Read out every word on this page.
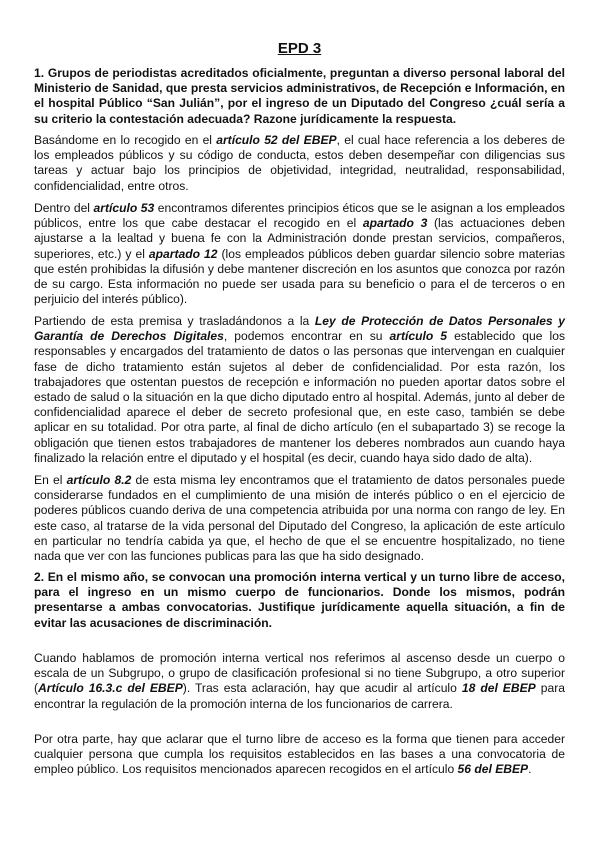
EPD 3

1. Grupos de periodistas acreditados oficialmente, preguntan a diverso personal laboral del Ministerio de Sanidad, que presta servicios administrativos, de Recepción e Información, en el hospital Público “San Julián”, por el ingreso de un Diputado del Congreso ¿cuál sería a su criterio la contestación adecuada? Razone jurídicamente la respuesta.

Basándome en lo recogido en el artículo 52 del EBEP, el cual hace referencia a los deberes de los empleados públicos y su código de conducta, estos deben desempeñar con diligencias sus tareas y actuar bajo los principios de objetividad, integridad, neutralidad, responsabilidad, confidencialidad, entre otros.

Dentro del artículo 53 encontramos diferentes principios éticos que se le asignan a los empleados públicos, entre los que cabe destacar el recogido en el apartado 3 (las actuaciones deben ajustarse a la lealtad y buena fe con la Administración donde prestan servicios, compañeros, superiores, etc.) y el apartado 12 (los empleados públicos deben guardar silencio sobre materias que estén prohibidas la difusión y debe mantener discreción en los asuntos que conozca por razón de su cargo. Esta información no puede ser usada para su beneficio o para el de terceros o en perjuicio del interés público).

Partiendo de esta premisa y trasladándonos a la Ley de Protección de Datos Personales y Garantía de Derechos Digitales, podemos encontrar en su artículo 5 establecido que los responsables y encargados del tratamiento de datos o las personas que intervengan en cualquier fase de dicho tratamiento están sujetos al deber de confidencialidad. Por esta razón, los trabajadores que ostentan puestos de recepción e información no pueden aportar datos sobre el estado de salud o la situación en la que dicho diputado entro al hospital. Además, junto al deber de confidencialidad aparece el deber de secreto profesional que, en este caso, también se debe aplicar en su totalidad. Por otra parte, al final de dicho artículo (en el subapartado 3) se recoge la obligación que tienen estos trabajadores de mantener los deberes nombrados aun cuando haya finalizado la relación entre el diputado y el hospital (es decir, cuando haya sido dado de alta).

En el artículo 8.2 de esta misma ley encontramos que el tratamiento de datos personales puede considerarse fundados en el cumplimiento de una misión de interés público o en el ejercicio de poderes públicos cuando deriva de una competencia atribuida por una norma con rango de ley. En este caso, al tratarse de la vida personal del Diputado del Congreso, la aplicación de este artículo en particular no tendría cabida ya que, el hecho de que el se encuentre hospitalizado, no tiene nada que ver con las funciones publicas para las que ha sido designado.

2. En el mismo año, se convocan una promoción interna vertical y un turno libre de acceso, para el ingreso en un mismo cuerpo de funcionarios. Donde los mismos, podrán presentarse a ambas convocatorias. Justifique jurídicamente aquella situación, a fin de evitar las acusaciones de discriminación.

Cuando hablamos de promoción interna vertical nos referimos al ascenso desde un cuerpo o escala de un Subgrupo, o grupo de clasificación profesional si no tiene Subgrupo, a otro superior (Artículo 16.3.c del EBEP). Tras esta aclaración, hay que acudir al artículo 18 del EBEP para encontrar la regulación de la promoción interna de los funcionarios de carrera.

Por otra parte, hay que aclarar que el turno libre de acceso es la forma que tienen para acceder cualquier persona que cumpla los requisitos establecidos en las bases a una convocatoria de empleo público. Los requisitos mencionados aparecen recogidos en el artículo 56 del EBEP.
